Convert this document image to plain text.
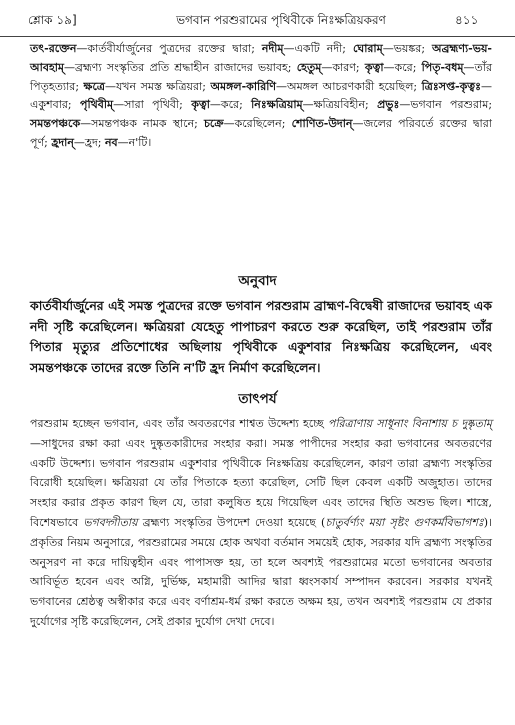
শ্লোক ১৯]	ভগবান পরশুরামের পৃথিবীকে নিঃক্ষত্রিয়করণ	৪১১
তৎ-রক্তেন—কার্তবীর্যার্জুনের পুত্রদের রক্তের দ্বারা; নদীম্—একটি নদী; ঘোরাম্—ভয়ঙ্কর; অব্রহ্মণ্য-ভয়-আবহাম্—ব্রহ্মণ্য সংস্কৃতির প্রতি শ্রদ্ধাহীন রাজাদের ভয়াবহ; হেতুম্—কারণ; কৃত্বা—করে; পিতৃ-বধম্—তাঁর পিতৃহত্যার; ক্ষত্রে—যখন সমস্ত ক্ষত্রিয়রা; অমঙ্গল-কারিণি—অমঙ্গল আচরণকারী হয়েছিল; ত্রিঃসপ্ত-কৃত্বঃ—একুশবার; পৃথিবীম্—সারা পৃথিবী; কৃত্বা—করে; নিঃক্ষত্রিয়াম্—ক্ষত্রিয়বিহীন; প্রভুঃ—ভগবান পরশুরাম; সমন্তপঞ্চকে—সমন্তপঞ্চক নামক স্থানে; চক্রে—করেছিলেন; শোণিত-উদান্—জলের পরিবর্তে রক্তের দ্বারা পূর্ণ; হ্রদান্—হ্রদ; নব—ন'টি।
অনুবাদ
কার্তবীর্যার্জুনের এই সমস্ত পুত্রদের রক্তে ভগবান পরশুরাম ব্রাহ্মণ-বিদ্বেষী রাজাদের ভয়াবহ এক নদী সৃষ্টি করেছিলেন। ক্ষত্রিয়রা যেহেতু পাপাচরণ করতে শুরু করেছিল, তাই পরশুরাম তাঁর পিতার মৃত্যুর প্রতিশোধের অছিলায় পৃথিবীকে একুশবার নিঃক্ষত্রিয় করেছিলেন, এবং সমন্তপঞ্চকে তাদের রক্তে তিনি ন'টি হ্রদ নির্মাণ করেছিলেন।
তাৎপর্য
পরশুরাম হচ্ছেন ভগবান, এবং তাঁর অবতরণের শাশ্বত উদ্দেশ্য হচ্ছে পরিত্রাণায় সাধূনাং বিনাশায় চ দুষ্কৃতাম্—সাধুদের রক্ষা করা এবং দুষ্কৃতকারীদের সংহার করা। সমস্ত পাপীদের সংহার করা ভগবানের অবতরণের একটি উদ্দেশ্য। ভগবান পরশুরাম একুশবার পৃথিবীকে নিঃক্ষত্রিয় করেছিলেন, কারণ তারা ব্রহ্মণ্য সংস্কৃতির বিরোধী হয়েছিল। ক্ষত্রিয়রা যে তাঁর পিতাকে হত্যা করেছিল, সেটি ছিল কেবল একটি অজুহাত। তাদের সংহার করার প্রকৃত কারণ ছিল যে, তারা কলুষিত হয়ে গিয়েছিল এবং তাদের স্থিতি অশুভ ছিল। শাস্ত্রে, বিশেষভাবে ভগবদ্গীতায় ব্রহ্মণ্য সংস্কৃতির উপদেশ দেওয়া হয়েছে (চাতুর্বর্ণ্যং ময়া সৃষ্টং গুণকর্মবিভাগশঃ)। প্রকৃতির নিয়ম অনুসারে, পরশুরামের সময়ে হোক অথবা বর্তমান সময়েই হোক, সরকার যদি ব্রহ্মণ্য সংস্কৃতির অনুসরণ না করে দায়িত্বহীন এবং পাপাসক্ত হয়, তা হলে অবশ্যই পরশুরামের মতো ভগবানের অবতার আবির্ভূত হবেন এবং অগ্নি, দুর্ভিক্ষ, মহামারী আদির দ্বারা ধ্বংসকার্য সম্পাদন করবেন। সরকার যখনই ভগবানের শ্রেষ্ঠত্ব অস্বীকার করে এবং বর্ণাশ্রম-ধর্ম রক্ষা করতে অক্ষম হয়, তখন অবশ্যই পরশুরাম যে প্রকার দুর্যোগের সৃষ্টি করেছিলেন, সেই প্রকার দুর্যোগ দেখা দেবে।
